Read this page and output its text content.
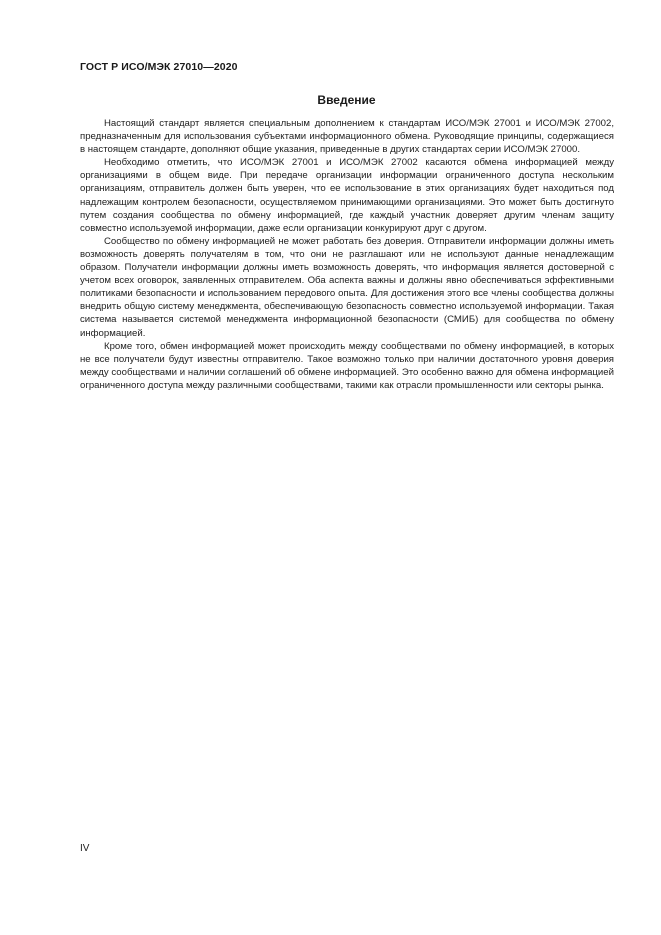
ГОСТ Р ИСО/МЭК 27010—2020
Введение

Настоящий стандарт является специальным дополнением к стандартам ИСО/МЭК 27001 и ИСО/МЭК 27002, предназначенным для использования субъектами информационного обмена. Руководящие принципы, содержащиеся в настоящем стандарте, дополняют общие указания, приведенные в других стандартах серии ИСО/МЭК 27000.

Необходимо отметить, что ИСО/МЭК 27001 и ИСО/МЭК 27002 касаются обмена информацией между организациями в общем виде. При передаче организации информации ограниченного доступа нескольким организациям, отправитель должен быть уверен, что ее использование в этих организациях будет находиться под надлежащим контролем безопасности, осуществляемом принимающими организациями. Это может быть достигнуто путем создания сообщества по обмену информацией, где каждый участник доверяет другим членам защиту совместно используемой информации, даже если организации конкурируют друг с другом.

Сообщество по обмену информацией не может работать без доверия. Отправители информации должны иметь возможность доверять получателям в том, что они не разглашают или не используют данные ненадлежащим образом. Получатели информации должны иметь возможность доверять, что информация является достоверной с учетом всех оговорок, заявленных отправителем. Оба аспекта важны и должны явно обеспечиваться эффективными политиками безопасности и использованием передового опыта. Для достижения этого все члены сообщества должны внедрить общую систему менеджмента, обеспечивающую безопасность совместно используемой информации. Такая система называется системой менеджмента информационной безопасности (СМИБ) для сообщества по обмену информацией.

Кроме того, обмен информацией может происходить между сообществами по обмену информацией, в которых не все получатели будут известны отправителю. Такое возможно только при наличии достаточного уровня доверия между сообществами и наличии соглашений об обмене информацией. Это особенно важно для обмена информацией ограниченного доступа между различными сообществами, такими как отрасли промышленности или секторы рынка.

IV
